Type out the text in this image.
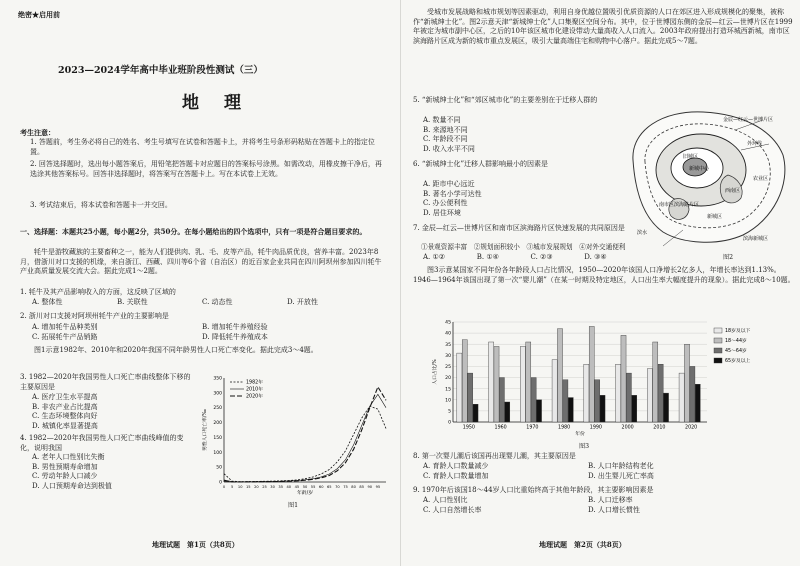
绝密★启用前
2023—2024学年高中毕业班阶段性测试（三）
地　理
考生注意：
1. 答题前，考生务必将自己的姓名、考生号填写在试卷和答题卡上，并将考生号条形码粘贴在答题卡上的指定位置。
2. 回答选择题时，选出每小题答案后，用铅笔把答题卡对应题目的答案标号涂黑。如需改动，用橡皮擦干净后，再选涂其他答案标号。回答非选择题时，将答案写在答题卡上。写在本试卷上无效。
3. 考试结束后，将本试卷和答题卡一并交回。
一、选择题：本题共25小题，每小题2分，共50分。在每小题给出的四个选项中，只有一项是符合题目要求的。
牦牛是游牧藏族的主要畜种之一，能为人们提供肉、乳、毛、皮等产品，牦牛肉品质优良，营养丰富。2023年8月，借浙川对口支援的机缘，来自浙江、西藏、四川等6个省（自治区）的近百家企业共同在四川阿坝州参加四川牦牛产业高质量发展交流大会。据此完成1～2题。
1. 牦牛及其产品影响收入的方面，这反映了区域的
A. 整体性	B. 关联性	C. 动态性	D. 开放性
2. 浙川对口支援对阿坝州牦牛产业的主要影响是
A. 增加牦牛品种类别	B. 增加牦牛养殖经验
C. 拓展牦牛产品销路	D. 降低牦牛养殖成本
图1示意1982年、2010年和2020年我国不同年龄男性人口死亡率变化。据此完成3～4题。
3. 1982—2020年我国男性人口死亡率曲线整体下移的主要原因是
A. 医疗卫生水平提高
B. 非农产业占比提高
C. 生态环境整体向好
D. 城镇化率显著提高
4. 1982—2020年我国男性人口死亡率曲线峰值的变化，说明我国
A. 老年人口性别比失衡
B. 男性预期寿命增加
C. 劳动年龄人口减少
D. 人口预期寿命达到极值	0
50
100
150
200
250
300
350
0 5 10 15 20 25 30 35 40 45 50 55 60 65 70 75 80 85 90 95
年龄/岁
男性人口死亡率/‰
1982年
2010年
2020年
图1
地理试题　第1页（共8页）
受城市发展战略和城市规划等因素驱动，利用自身优越位置吸引优质资源的人口在郊区进入形成规模化的聚集，被称作“新城绅士化”。图2示意天津“新城绅士化”人口集聚区空间分布。其中，位于世博园东侧的金辰—红云—世博片区在1999年被定为城市副中心区，之后的10年该区城市化建设带动大量高收入人口流入。2003年政府提出打造环城西新城，南市区滨海路片区成为新的城市重点发展区，吸引大量高端住宅和购物中心落户。据此完成5～7题。
5. “新城绅士化”和“郊区城市化”的主要差别在于迁移人群的
A. 数量不同
B. 来源地不同
C. 年龄段不同
D. 收入水平不同
6. “新城绅士化”迁移人群影响最小的因素是
A. 距市中心远近
B. 著名小学可达性
C. 办公便利性
D. 居住环境
7. 金辰—红云—世博片区和南市区滨海路片区快速发展的共同原因是
①景观资源丰富　②规划面积较小　③城市发展规划　④对外交通便利
A. ①②	B. ①④	C. ②③	D. ③④
金辰—红云—世博片区
新城中心
旧城区
外环线
西南区
新城区
南市区滨海路片区
滨海新城区
农业区
滨水
图2
图3示意某国家不同年份各年龄段人口占比情况，1950—2020年该国人口净增长2亿多人，年增长率达到1.13%。1946—1964年该国出现了第一次“婴儿潮”（在某一时期及特定地区，人口出生率大幅度提升的现象）。据此完成8～10题。
0
5
10
15
20
25
30
35
40
45
1950	1960	1970	1980	1990	2000	2010	2020
年份
人口占比/%
18岁及以下
18～44岁
45～64岁
65岁及以上
图3
8. 第一次婴儿潮后该国再出现婴儿潮，其主要原因是
A. 育龄人口数量减少	B. 人口年龄结构老化
C. 育龄人口数量增加	D. 出生婴儿死亡率高
9. 1970年后该国18～44岁人口比重始终高于其他年龄段，其主要影响因素是
A. 人口性别比	B. 人口迁移率
C. 人口自然增长率	D. 人口增长惯性
地理试题　第2页（共8页）
